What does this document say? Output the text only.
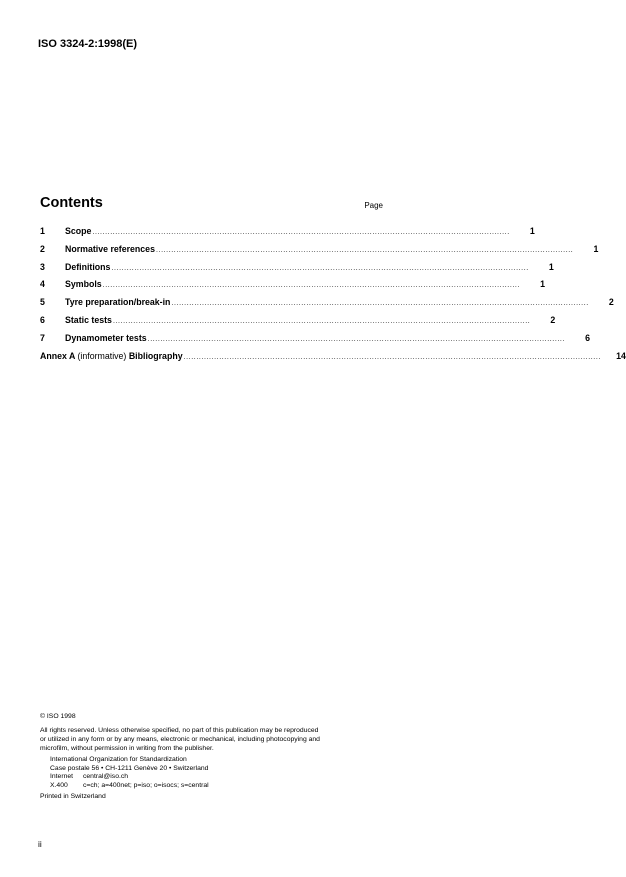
ISO 3324-2:1998(E)
Contents	Page
1	Scope ....................................................................................................................................................................	1
2	Normative references ....................................................................................................................................................................	1
3	Definitions ....................................................................................................................................................................	1
4	Symbols ....................................................................................................................................................................	1
5	Tyre preparation/break-in ....................................................................................................................................................................	2
6	Static tests ....................................................................................................................................................................	2
7	Dynamometer tests ....................................................................................................................................................................	6
Annex A (informative) Bibliography ....................................................................................................................................................................	14
© ISO 1998
All rights reserved. Unless otherwise specified, no part of this publication may be reproduced
or utilized in any form or by any means, electronic or mechanical, including photocopying and
microfilm, without permission in writing from the publisher.
International Organization for Standardization
Case postale 56 • CH-1211 Genève 20 • Switzerland
Internet central@iso.ch
X.400 c=ch; a=400net; p=iso; o=isocs; s=central
Printed in Switzerland
ii
